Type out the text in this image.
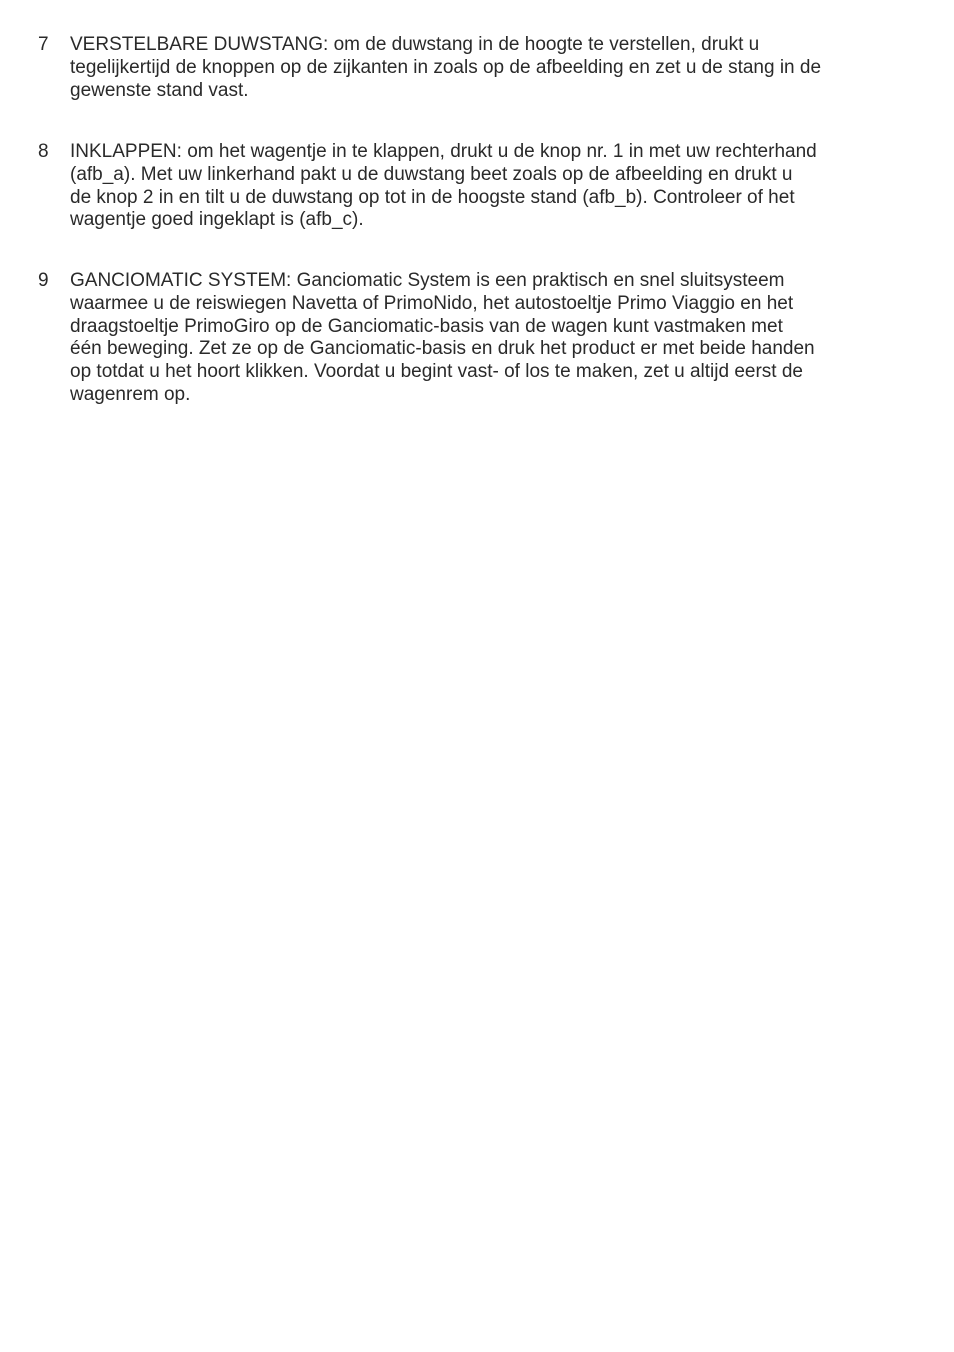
7	VERSTELBARE DUWSTANG: om de duwstang in de hoogte te verstellen, drukt u
tegelijkertijd de knoppen op de zijkanten in zoals op de afbeelding en zet u de stang in de
gewenste stand vast.
8	INKLAPPEN: om het wagentje in te klappen, drukt u de knop nr. 1 in met uw rechterhand
(afb_a). Met uw linkerhand pakt u de duwstang beet zoals op de afbeelding en drukt u
de knop 2 in en tilt u de duwstang op tot in de hoogste stand (afb_b). Controleer of het
wagentje goed ingeklapt is (afb_c).
9	GANCIOMATIC SYSTEM: Ganciomatic System is een praktisch en snel sluitsysteem
waarmee u de reiswiegen Navetta of PrimoNido, het autostoeltje Primo Viaggio en het
draagstoeltje PrimoGiro op de Ganciomatic-basis van de wagen kunt vastmaken met
één beweging. Zet ze op de Ganciomatic-basis en druk het product er met beide handen
op totdat u het hoort klikken. Voordat u begint vast- of los te maken, zet u altijd eerst de
wagenrem op.
